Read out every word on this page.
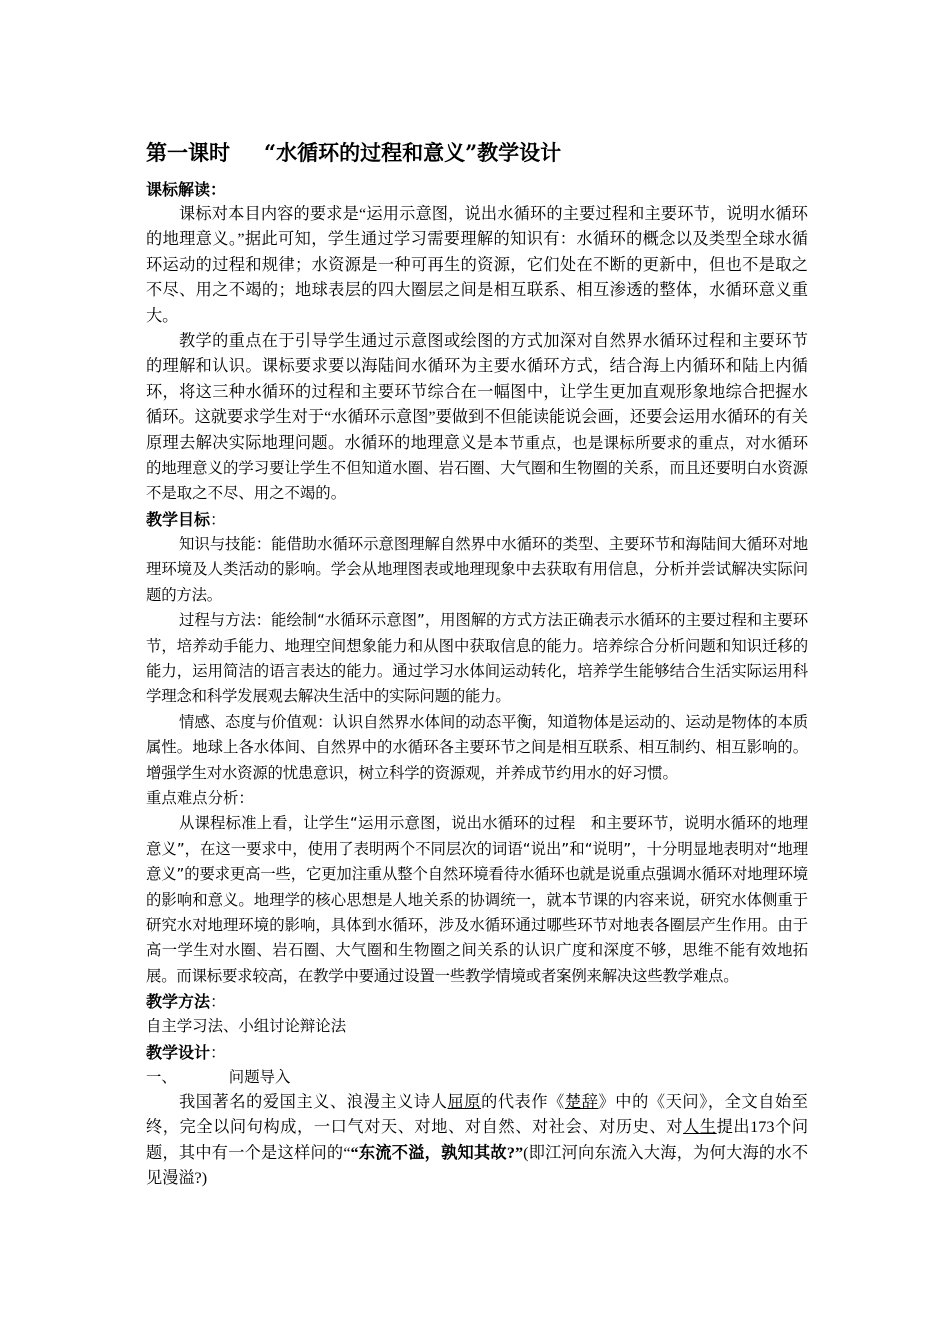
第一课时 “水循环的过程和意义”教学设计

课标解读：

课标对本目内容的要求是“运用示意图，说出水循环的主要过程和主要环节，说明水循环的地理意义。”据此可知，学生通过学习需要理解的知识有：水循环的概念以及类型全球水循环运动的过程和规律；水资源是一种可再生的资源，它们处在不断的更新中，但也不是取之不尽、用之不竭的；地球表层的四大圈层之间是相互联系、相互渗透的整体，水循环意义重大。

教学的重点在于引导学生通过示意图或绘图的方式加深对自然界水循环过程和主要环节的理解和认识。课标要求要以海陆间水循环为主要水循环方式，结合海上内循环和陆上内循环，将这三种水循环的过程和主要环节综合在一幅图中，让学生更加直观形象地综合把握水循环。这就要求学生对于“水循环示意图”要做到不但能读能说会画，还要会运用水循环的有关原理去解决实际地理问题。水循环的地理意义是本节重点，也是课标所要求的重点，对水循环的地理意义的学习要让学生不但知道水圈、岩石圈、大气圈和生物圈的关系，而且还要明白水资源不是取之不尽、用之不竭的。

教学目标：

知识与技能：能借助水循环示意图理解自然界中水循环的类型、主要环节和海陆间大循环对地理环境及人类活动的影响。学会从地理图表或地理现象中去获取有用信息，分析并尝试解决实际问题的方法。

过程与方法：能绘制“水循环示意图”，用图解的方式方法正确表示水循环的主要过程和主要环节，培养动手能力、地理空间想象能力和从图中获取信息的能力。培养综合分析问题和知识迁移的能力，运用简洁的语言表达的能力。通过学习水体间运动转化，培养学生能够结合生活实际运用科学理念和科学发展观去解决生活中的实际问题的能力。

情感、态度与价值观：认识自然界水体间的动态平衡，知道物体是运动的、运动是物体的本质属性。地球上各水体间、自然界中的水循环各主要环节之间是相互联系、相互制约、相互影响的。增强学生对水资源的忧患意识，树立科学的资源观，并养成节约用水的好习惯。

重点难点分析：

从课程标准上看，让学生“运用示意图，说出水循环的过程　和主要环节，说明水循环的地理意义”，在这一要求中，使用了表明两个不同层次的词语“说出”和“说明”，十分明显地表明对“地理意义”的要求更高一些，它更加注重从整个自然环境看待水循环也就是说重点强调水循环对地理环境的影响和意义。地理学的核心思想是人地关系的协调统一，就本节课的内容来说，研究水体侧重于研究水对地理环境的影响，具体到水循环，涉及水循环通过哪些环节对地表各圈层产生作用。由于高一学生对水圈、岩石圈、大气圈和生物圈之间关系的认识广度和深度不够，思维不能有效地拓展。而课标要求较高，在教学中要通过设置一些教学情境或者案例来解决这些教学难点。

教学方法：

自主学习法、小组讨论辩论法

教学设计：

一、	问题导入

我国著名的爱国主义、浪漫主义诗人屈原的代表作《楚辞》中的《天问》，全文自始至终，完全以问句构成，一口气对天、对地、对自然、对社会、对历史、对人生提出173个问题，其中有一个是这样问的““东流不溢，孰知其故?”(即江河向东流入大海，为何大海的水不见漫溢?)
